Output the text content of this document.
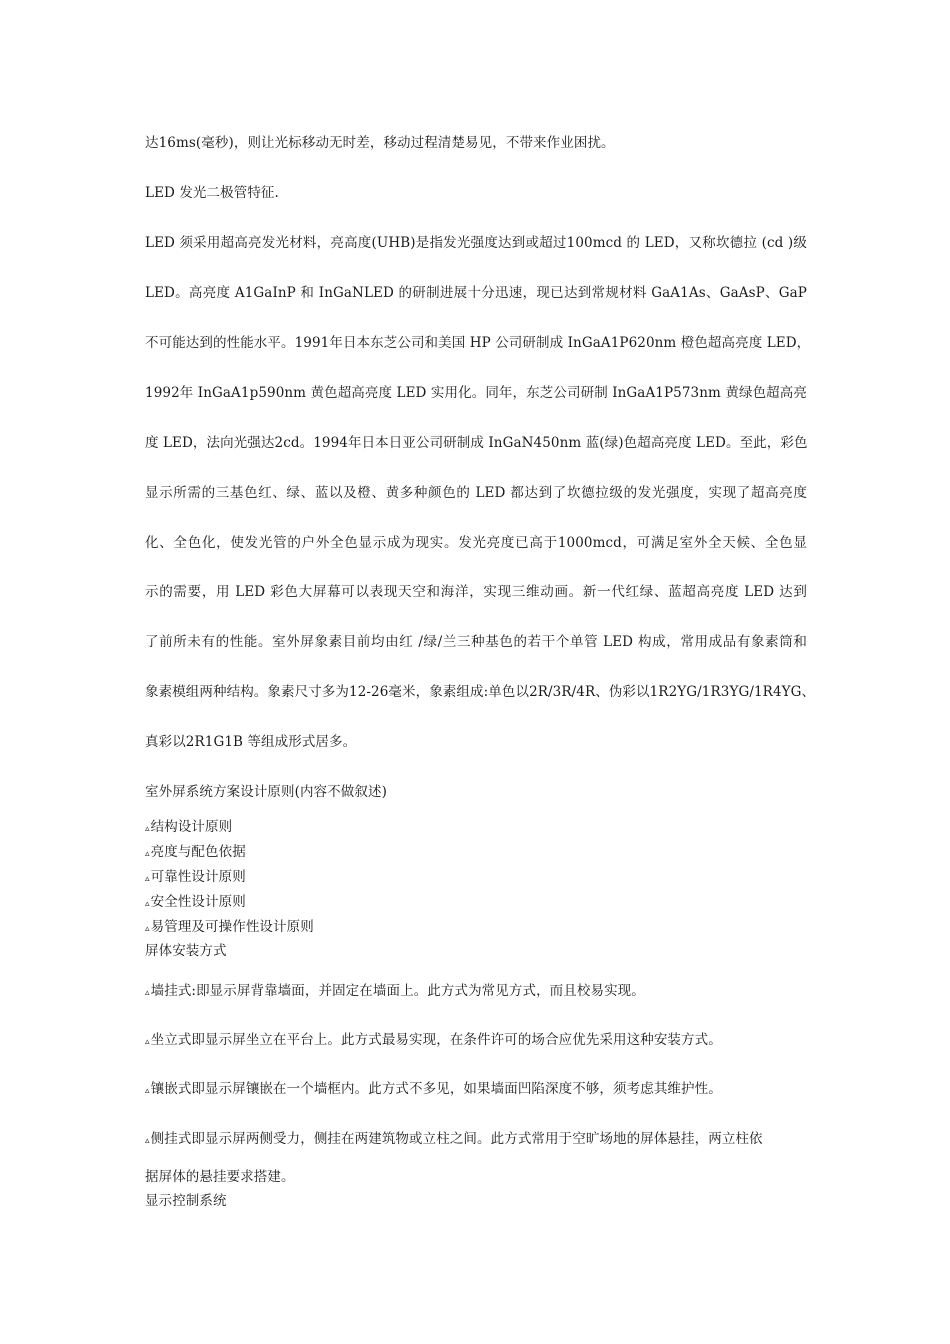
达16ms(毫秒)，则让光标移动无时差，移动过程清楚易见，不带来作业困扰。
LED 发光二极管特征.
LED 须采用超高亮发光材料，亮高度(UHB)是指发光强度达到或超过100mcd 的 LED，又称坎德拉 (cd )级
LED。高亮度 A1GaInP 和 InGaNLED 的研制进展十分迅速，现已达到常规材料 GaA1As、GaAsP、GaP
不可能达到的性能水平。1991年日本东芝公司和美国 HP 公司研制成 InGaA1P620nm 橙色超高亮度 LED，
1992年 InGaA1p590nm 黄色超高亮度 LED 实用化。同年，东芝公司研制 InGaA1P573nm 黄绿色超高亮
度 LED，法向光强达2cd。1994年日本日亚公司研制成 InGaN450nm 蓝(绿)色超高亮度 LED。至此，彩色
显示所需的三基色红、绿、蓝以及橙、黄多种颜色的 LED 都达到了坎德拉级的发光强度，实现了超高亮度
化、全色化，使发光管的户外全色显示成为现实。发光亮度已高于1000mcd，可满足室外全天候、全色显
示的需要，用 LED 彩色大屏幕可以表现天空和海洋，实现三维动画。新一代红绿、蓝超高亮度 LED 达到
了前所未有的性能。室外屏象素目前均由红 /绿/兰三种基色的若干个单管 LED 构成，常用成品有象素筒和
象素模组两种结构。象素尺寸多为12-26毫米，象素组成:单色以2R/3R/4R、伪彩以1R2YG/1R3YG/1R4YG、
真彩以2R1G1B 等组成形式居多。
室外屏系统方案设计原则(内容不做叙述)
▵结构设计原则
▵亮度与配色依据
▵可靠性设计原则
▵安全性设计原则
▵易管理及可操作性设计原则
屏体安装方式
▵墙挂式:即显示屏背靠墙面，并固定在墙面上。此方式为常见方式，而且校易实现。
▵坐立式即显示屏坐立在平台上。此方式最易实现，在条件许可的场合应优先采用这种安装方式。
▵镶嵌式即显示屏镶嵌在一个墙框内。此方式不多见，如果墙面凹陷深度不够，须考虑其维护性。
▵侧挂式即显示屏两侧受力，侧挂在两建筑物或立柱之间。此方式常用于空旷场地的屏体悬挂，两立柱依
据屏体的悬挂要求搭建。
显示控制系统
